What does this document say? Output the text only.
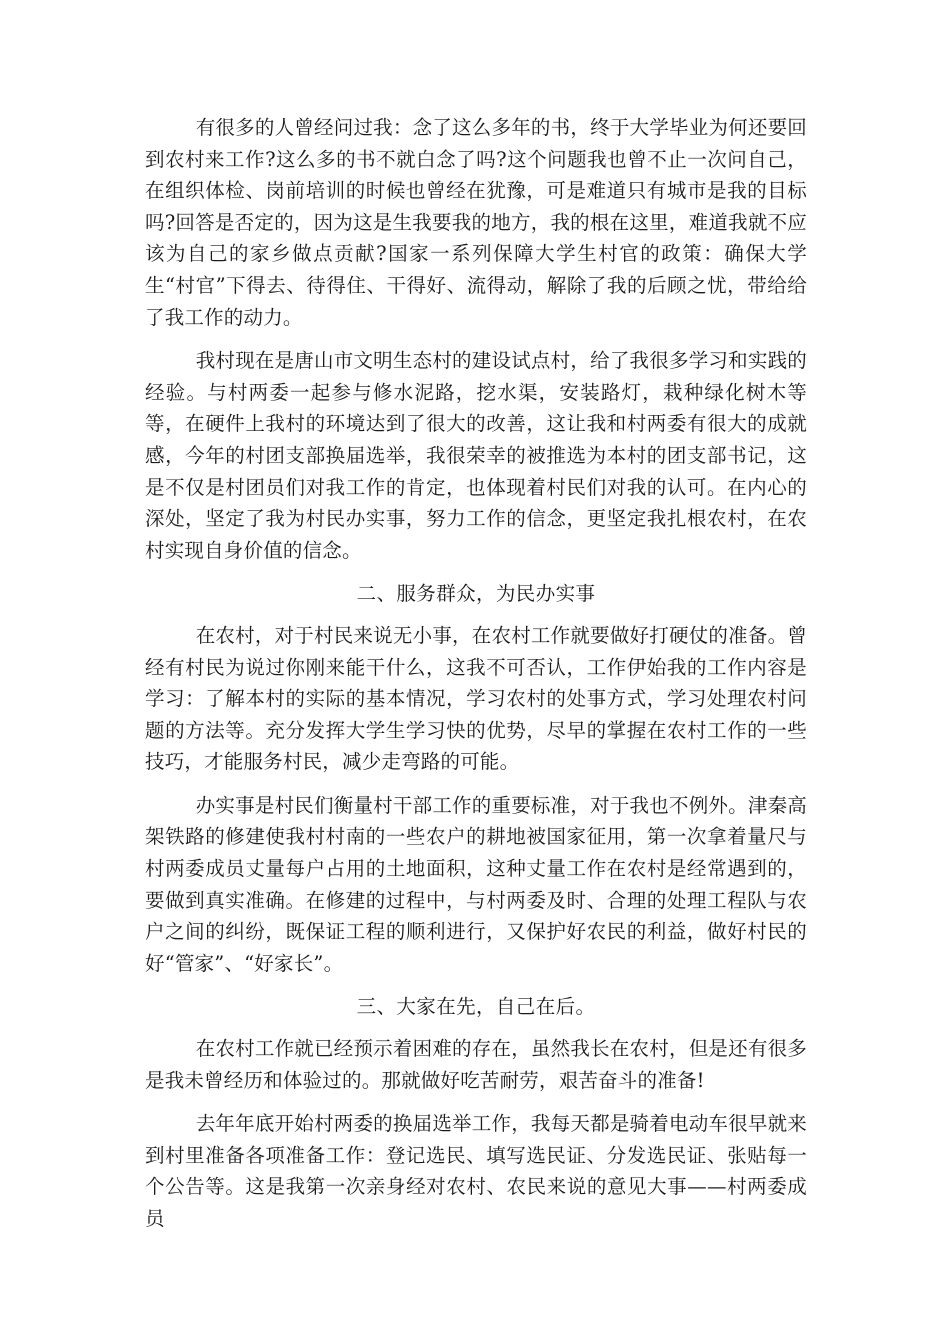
有很多的人曾经问过我：念了这么多年的书，终于大学毕业为何还要回到农村来工作?这么多的书不就白念了吗?这个问题我也曾不止一次问自己，在组织体检、岗前培训的时候也曾经在犹豫，可是难道只有城市是我的目标吗?回答是否定的，因为这是生我要我的地方，我的根在这里，难道我就不应该为自己的家乡做点贡献?国家一系列保障大学生村官的政策：确保大学生“村官”下得去、待得住、干得好、流得动，解除了我的后顾之忧，带给给了我工作的动力。

我村现在是唐山市文明生态村的建设试点村，给了我很多学习和实践的经验。与村两委一起参与修水泥路，挖水渠，安装路灯，栽种绿化树木等等，在硬件上我村的环境达到了很大的改善，这让我和村两委有很大的成就感，今年的村团支部换届选举，我很荣幸的被推选为本村的团支部书记，这是不仅是村团员们对我工作的肯定，也体现着村民们对我的认可。在内心的深处，坚定了我为村民办实事，努力工作的信念，更坚定我扎根农村，在农村实现自身价值的信念。

二、服务群众，为民办实事

在农村，对于村民来说无小事，在农村工作就要做好打硬仗的准备。曾经有村民为说过你刚来能干什么，这我不可否认，工作伊始我的工作内容是学习：了解本村的实际的基本情况，学习农村的处事方式，学习处理农村问题的方法等。充分发挥大学生学习快的优势，尽早的掌握在农村工作的一些技巧，才能服务村民，减少走弯路的可能。

办实事是村民们衡量村干部工作的重要标准，对于我也不例外。津秦高架铁路的修建使我村村南的一些农户的耕地被国家征用，第一次拿着量尺与村两委成员丈量每户占用的土地面积，这种丈量工作在农村是经常遇到的，要做到真实准确。在修建的过程中，与村两委及时、合理的处理工程队与农户之间的纠纷，既保证工程的顺利进行，又保护好农民的利益，做好村民的好“管家”、“好家长”。

三、大家在先，自己在后。

在农村工作就已经预示着困难的存在，虽然我长在农村，但是还有很多是我未曾经历和体验过的。那就做好吃苦耐劳，艰苦奋斗的准备!

去年年底开始村两委的换届选举工作，我每天都是骑着电动车很早就来到村里准备各项准备工作：登记选民、填写选民证、分发选民证、张贴每一个公告等。这是我第一次亲身经对农村、农民来说的意见大事——村两委成员
